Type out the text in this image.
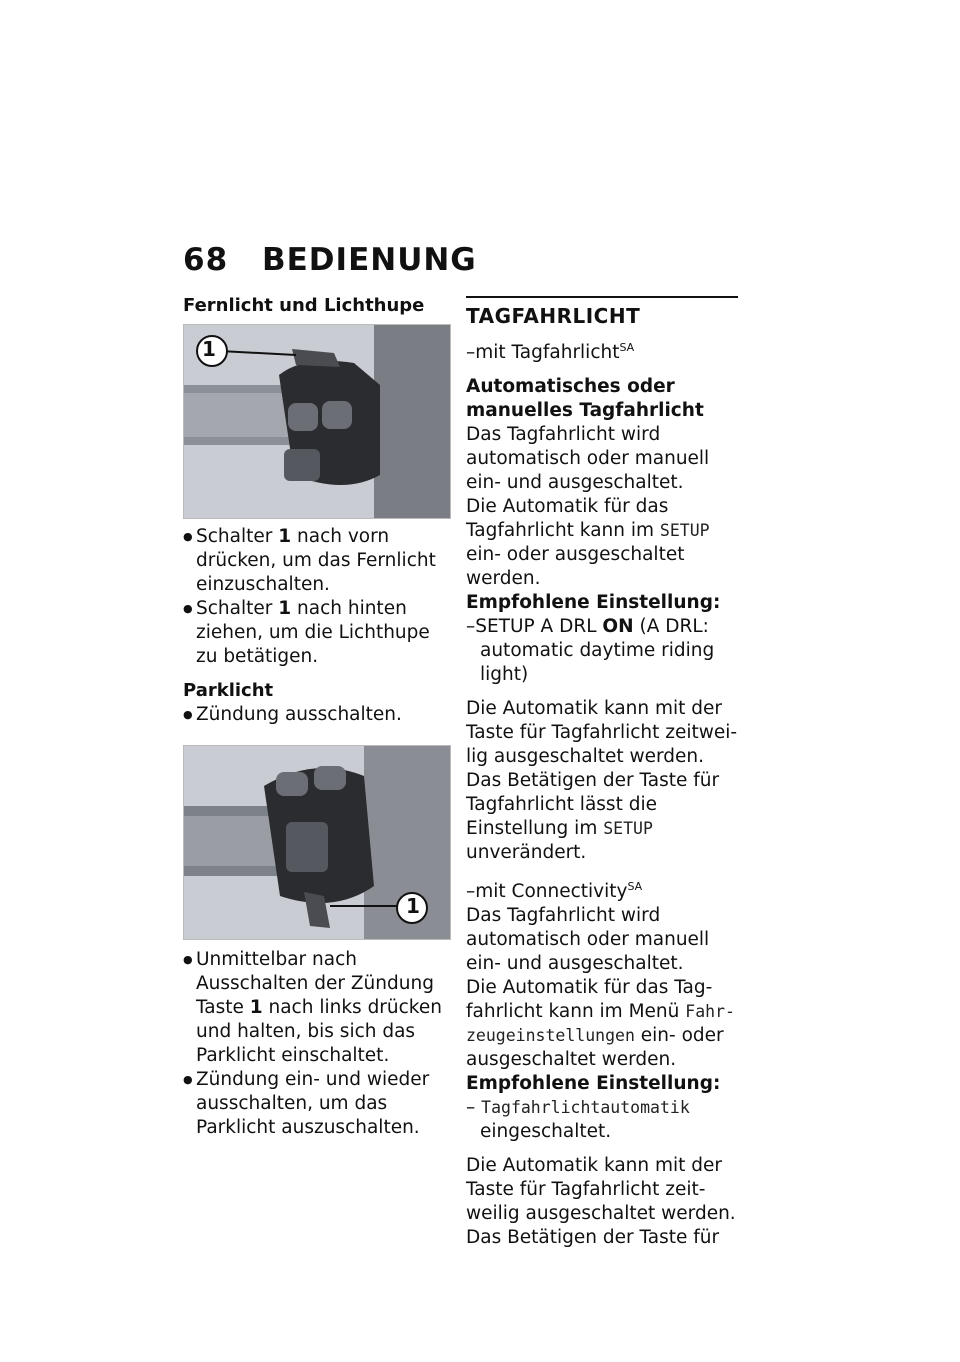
68 BEDIENUNG
Fernlicht und Lichthupe
1
● Schalter 1 nach vorn drücken, um das Fernlicht einzuschalten.
● Schalter 1 nach hinten ziehen, um die Lichthupe zu betätigen.
Parklicht
● Zündung ausschalten.
1
● Unmittelbar nach Ausschalten der Zündung Taste 1 nach links drücken und halten, bis sich das Parklicht einschaltet.
● Zündung ein- und wieder ausschalten, um das Parklicht auszuschalten.
TAGFAHRLICHT

–mit Tagfahrlicht$^{SA}$

Automatisches oder manuelles Tagfahrlicht

Das Tagfahrlicht wird automatisch oder manuell ein- und ausgeschaltet.

Die Automatik für das Tagfahrlicht kann im SETUP ein- oder ausgeschaltet werden.

Empfohlene Einstellung:

–SETUP A DRL ON (A DRL: automatic daytime riding light)

Die Automatik kann mit der Taste für Tagfahrlicht zeitweilig ausgeschaltet werden. Das Betätigen der Taste für Tagfahrlicht lässt die Einstellung im SETUP unverändert.

–mit Connectivity$^{SA}$

Das Tagfahrlicht wird automatisch oder manuell ein- und ausgeschaltet.

Die Automatik für das Tagfahrlicht kann im Menü Fahrzeugeinstellungen ein- oder ausgeschaltet werden.

Empfohlene Einstellung:

– Tagfahrlichtautomatik eingeschaltet.

Die Automatik kann mit der Taste für Tagfahrlicht zeitweilig ausgeschaltet werden. Das Betätigen der Taste für
